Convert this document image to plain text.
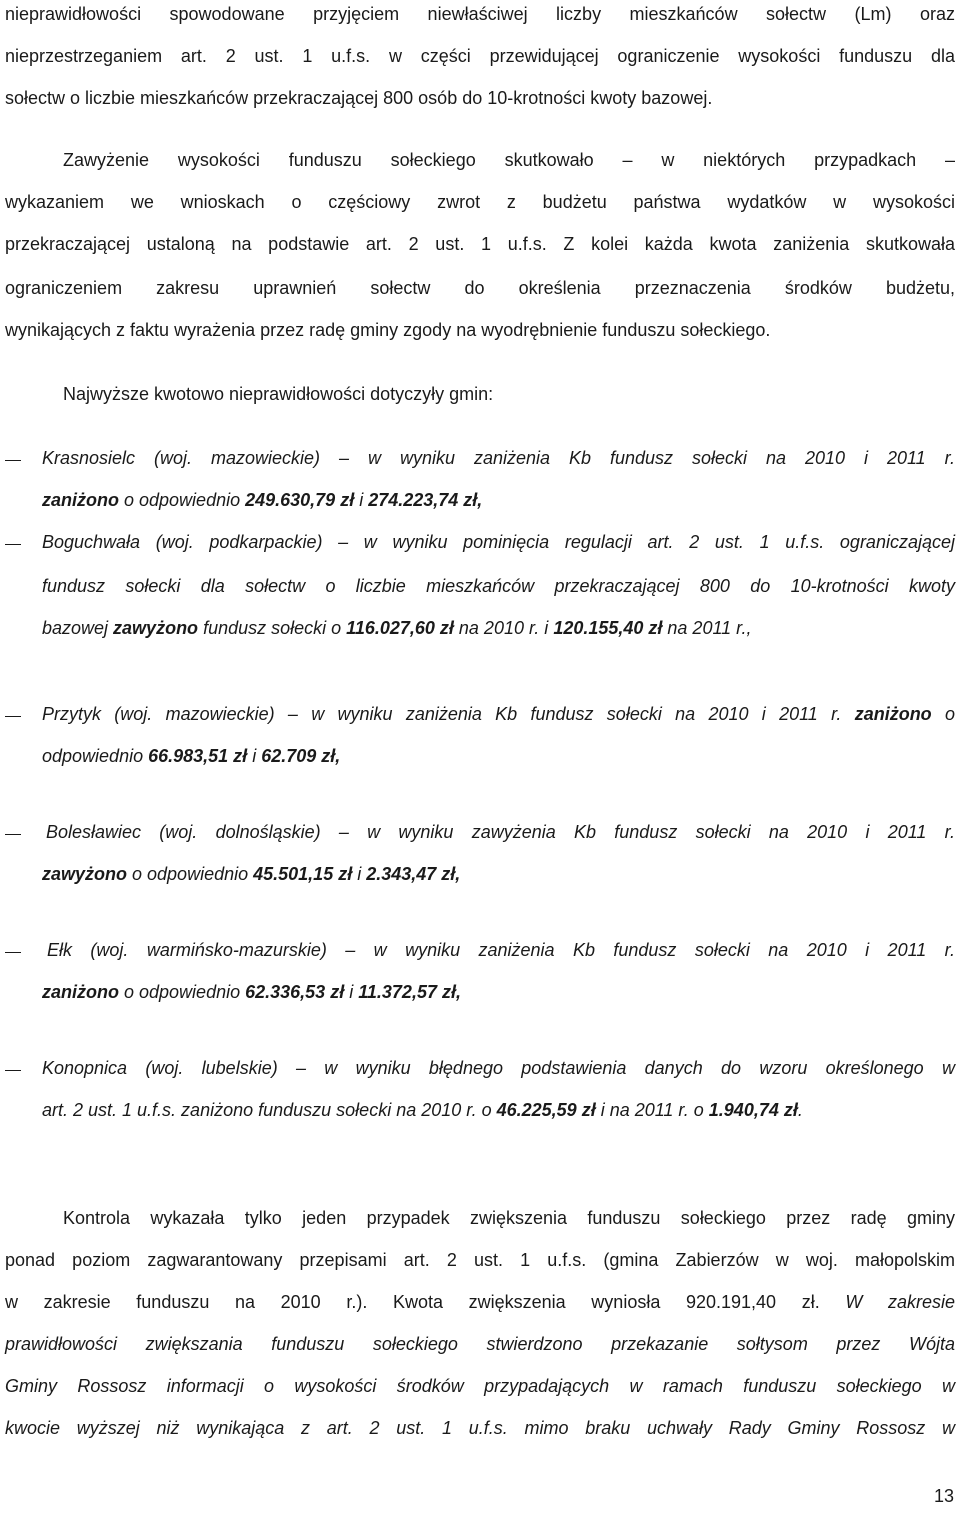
nieprawidłowości spowodowane przyjęciem niewłaściwej liczby mieszkańców sołectw (Lm) oraz
nieprzestrzeganiem art. 2 ust. 1 u.f.s. w części przewidującej ograniczenie wysokości funduszu dla
sołectw o liczbie mieszkańców przekraczającej 800 osób do 10-krotności kwoty bazowej.
Zawyżenie wysokości funduszu sołeckiego skutkowało – w niektórych przypadkach –
wykazaniem we wnioskach o częściowy zwrot z budżetu państwa wydatków w wysokości
przekraczającej ustaloną na podstawie art. 2 ust. 1 u.f.s. Z kolei każda kwota zaniżenia skutkowała
ograniczeniem zakresu uprawnień sołectw do określenia przeznaczenia środków budżetu,
wynikających z faktu wyrażenia przez radę gminy zgody na wyodrębnienie funduszu sołeckiego.
Najwyższe kwotowo nieprawidłowości dotyczyły gmin:
Krasnosielc (woj. mazowieckie) – w wyniku zaniżenia Kb fundusz sołecki na 2010 i 2011 r.
zaniżono o odpowiednio 249.630,79 zł i 274.223,74 zł,
Boguchwała (woj. podkarpackie) – w wyniku pominięcia regulacji art. 2 ust. 1 u.f.s. ograniczającej
fundusz sołecki dla sołectw o liczbie mieszkańców przekraczającej 800 do 10-krotności kwoty
bazowej zawyżono fundusz sołecki o 116.027,60 zł na 2010 r. i 120.155,40 zł na 2011 r.,
Przytyk (woj. mazowieckie) – w wyniku zaniżenia Kb fundusz sołecki na 2010 i 2011 r. zaniżono o
odpowiednio 66.983,51 zł i 62.709 zł,
Bolesławiec (woj. dolnośląskie) – w wyniku zawyżenia Kb fundusz sołecki na 2010 i 2011 r.
zawyżono o odpowiednio 45.501,15 zł i 2.343,47 zł,
Ełk (woj. warmińsko-mazurskie) – w wyniku zaniżenia Kb fundusz sołecki na 2010 i 2011 r.
zaniżono o odpowiednio 62.336,53 zł i 11.372,57 zł,
Konopnica (woj. lubelskie) – w wyniku błędnego podstawienia danych do wzoru określonego w
art. 2 ust. 1 u.f.s. zaniżono funduszu sołecki na 2010 r. o 46.225,59 zł i na 2011 r. o 1.940,74 zł.
Kontrola wykazała tylko jeden przypadek zwiększenia funduszu sołeckiego przez radę gminy
ponad poziom zagwarantowany przepisami art. 2 ust. 1 u.f.s. (gmina Zabierzów w woj. małopolskim
w zakresie funduszu na 2010 r.). Kwota zwiększenia wyniosła 920.191,40 zł. W zakresie
prawidłowości zwiększania funduszu sołeckiego stwierdzono przekazanie sołtysom przez Wójta
Gminy Rossosz informacji o wysokości środków przypadających w ramach funduszu sołeckiego w
kwocie wyższej niż wynikająca z art. 2 ust. 1 u.f.s. mimo braku uchwały Rady Gminy Rossosz w
13
